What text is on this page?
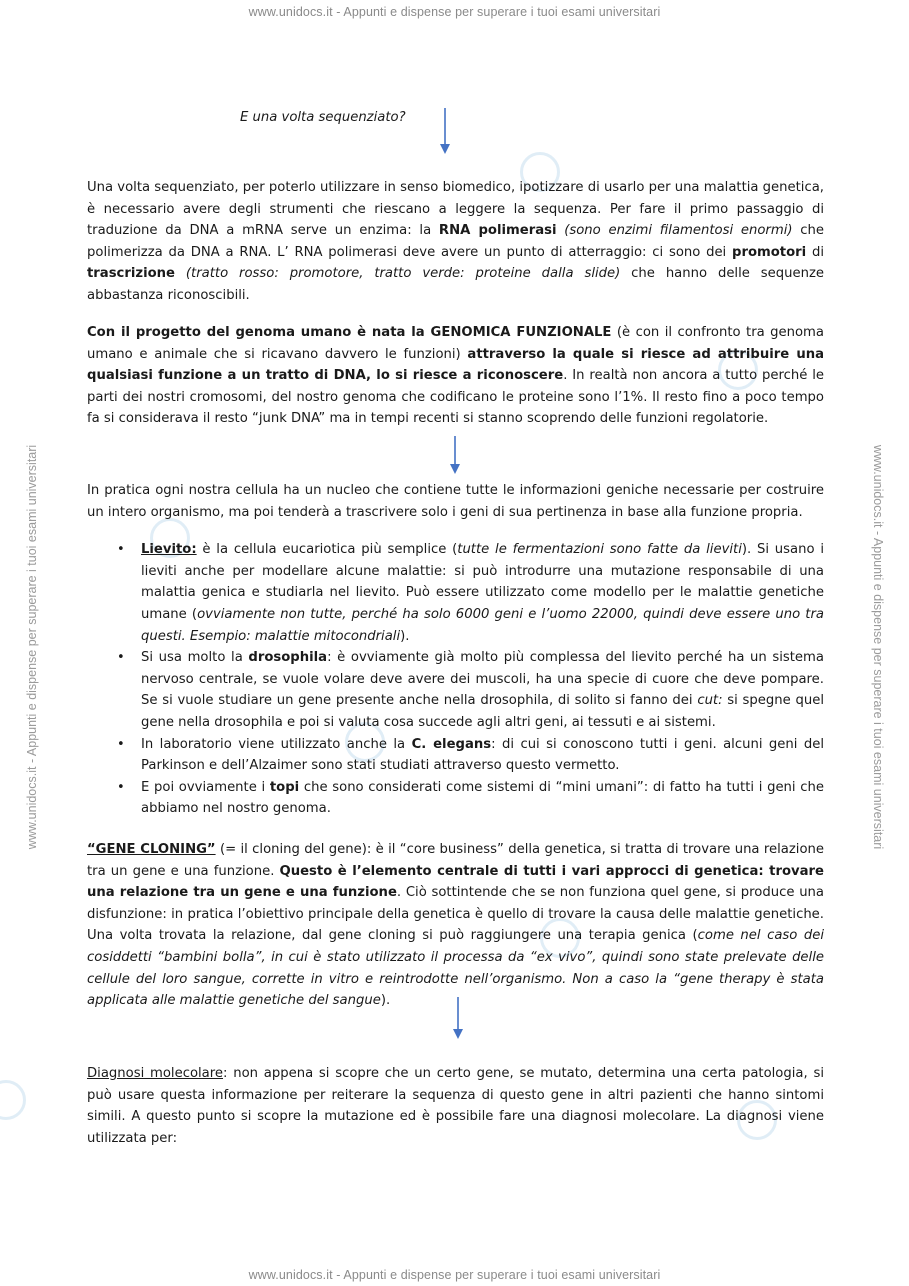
www.unidocs.it - Appunti e dispense per superare i tuoi esami universitari
www.unidocs.it - Appunti e dispense per superare i tuoi esami universitari
www.unidocs.it - Appunti e dispense per superare i tuoi esami universitari	www.unidocs.it - Appunti e dispense per superare i tuoi esami universitari
E una volta sequenziato?

Una volta sequenziato, per poterlo utilizzare in senso biomedico, ipotizzare di usarlo per una malattia genetica, è necessario avere degli strumenti che riescano a leggere la sequenza. Per fare il primo passaggio di traduzione da DNA a mRNA serve un enzima: la RNA polimerasi (sono enzimi filamentosi enormi) che polimerizza da DNA a RNA. L’ RNA polimerasi deve avere un punto di atterraggio: ci sono dei promotori di trascrizione (tratto rosso: promotore, tratto verde: proteine dalla slide) che hanno delle sequenze abbastanza riconoscibili.

Con il progetto del genoma umano è nata la GENOMICA FUNZIONALE (è con il confronto tra genoma umano e animale che si ricavano davvero le funzioni) attraverso la quale si riesce ad attribuire una qualsiasi funzione a un tratto di DNA, lo si riesce a riconoscere. In realtà non ancora a tutto perché le parti dei nostri cromosomi, del nostro genoma che codificano le proteine sono l’1%. Il resto fino a poco tempo fa si considerava il resto “junk DNA” ma in tempi recenti si stanno scoprendo delle funzioni regolatorie.

In pratica ogni nostra cellula ha un nucleo che contiene tutte le informazioni geniche necessarie per costruire un intero organismo, ma poi tenderà a trascrivere solo i geni di sua pertinenza in base alla funzione propria.

• Lievito: è la cellula eucariotica più semplice (tutte le fermentazioni sono fatte da lieviti). Si usano i lieviti anche per modellare alcune malattie: si può introdurre una mutazione responsabile di una malattia genica e studiarla nel lievito. Può essere utilizzato come modello per le malattie genetiche umane (ovviamente non tutte, perché ha solo 6000 geni e l’uomo 22000, quindi deve essere uno tra questi. Esempio: malattie mitocondriali).
• Si usa molto la drosophila: è ovviamente già molto più complessa del lievito perché ha un sistema nervoso centrale, se vuole volare deve avere dei muscoli, ha una specie di cuore che deve pompare. Se si vuole studiare un gene presente anche nella drosophila, di solito si fanno dei cut: si spegne quel gene nella drosophila e poi si valuta cosa succede agli altri geni, ai tessuti e ai sistemi.
• In laboratorio viene utilizzato anche la C. elegans: di cui si conoscono tutti i geni. alcuni geni del Parkinson e dell’Alzaimer sono stati studiati attraverso questo vermetto.
• E poi ovviamente i topi che sono considerati come sistemi di “mini umani”: di fatto ha tutti i geni che abbiamo nel nostro genoma.

“GENE CLONING” (= il cloning del gene): è il “core business” della genetica, si tratta di trovare una relazione tra un gene e una funzione. Questo è l’elemento centrale di tutti i vari approcci di genetica: trovare una relazione tra un gene e una funzione. Ciò sottintende che se non funziona quel gene, si produce una disfunzione: in pratica l’obiettivo principale della genetica è quello di trovare la causa delle malattie genetiche. Una volta trovata la relazione, dal gene cloning si può raggiungere una terapia genica (come nel caso dei cosiddetti “bambini bolla”, in cui è stato utilizzato il processa da “ex vivo”, quindi sono state prelevate delle cellule del loro sangue, corrette in vitro e reintrodotte nell’organismo. Non a caso la “gene therapy è stata applicata alle malattie genetiche del sangue).

Diagnosi molecolare: non appena si scopre che un certo gene, se mutato, determina una certa patologia, si può usare questa informazione per reiterare la sequenza di questo gene in altri pazienti che hanno sintomi simili. A questo punto si scopre la mutazione ed è possibile fare una diagnosi molecolare. La diagnosi viene utilizzata per:
